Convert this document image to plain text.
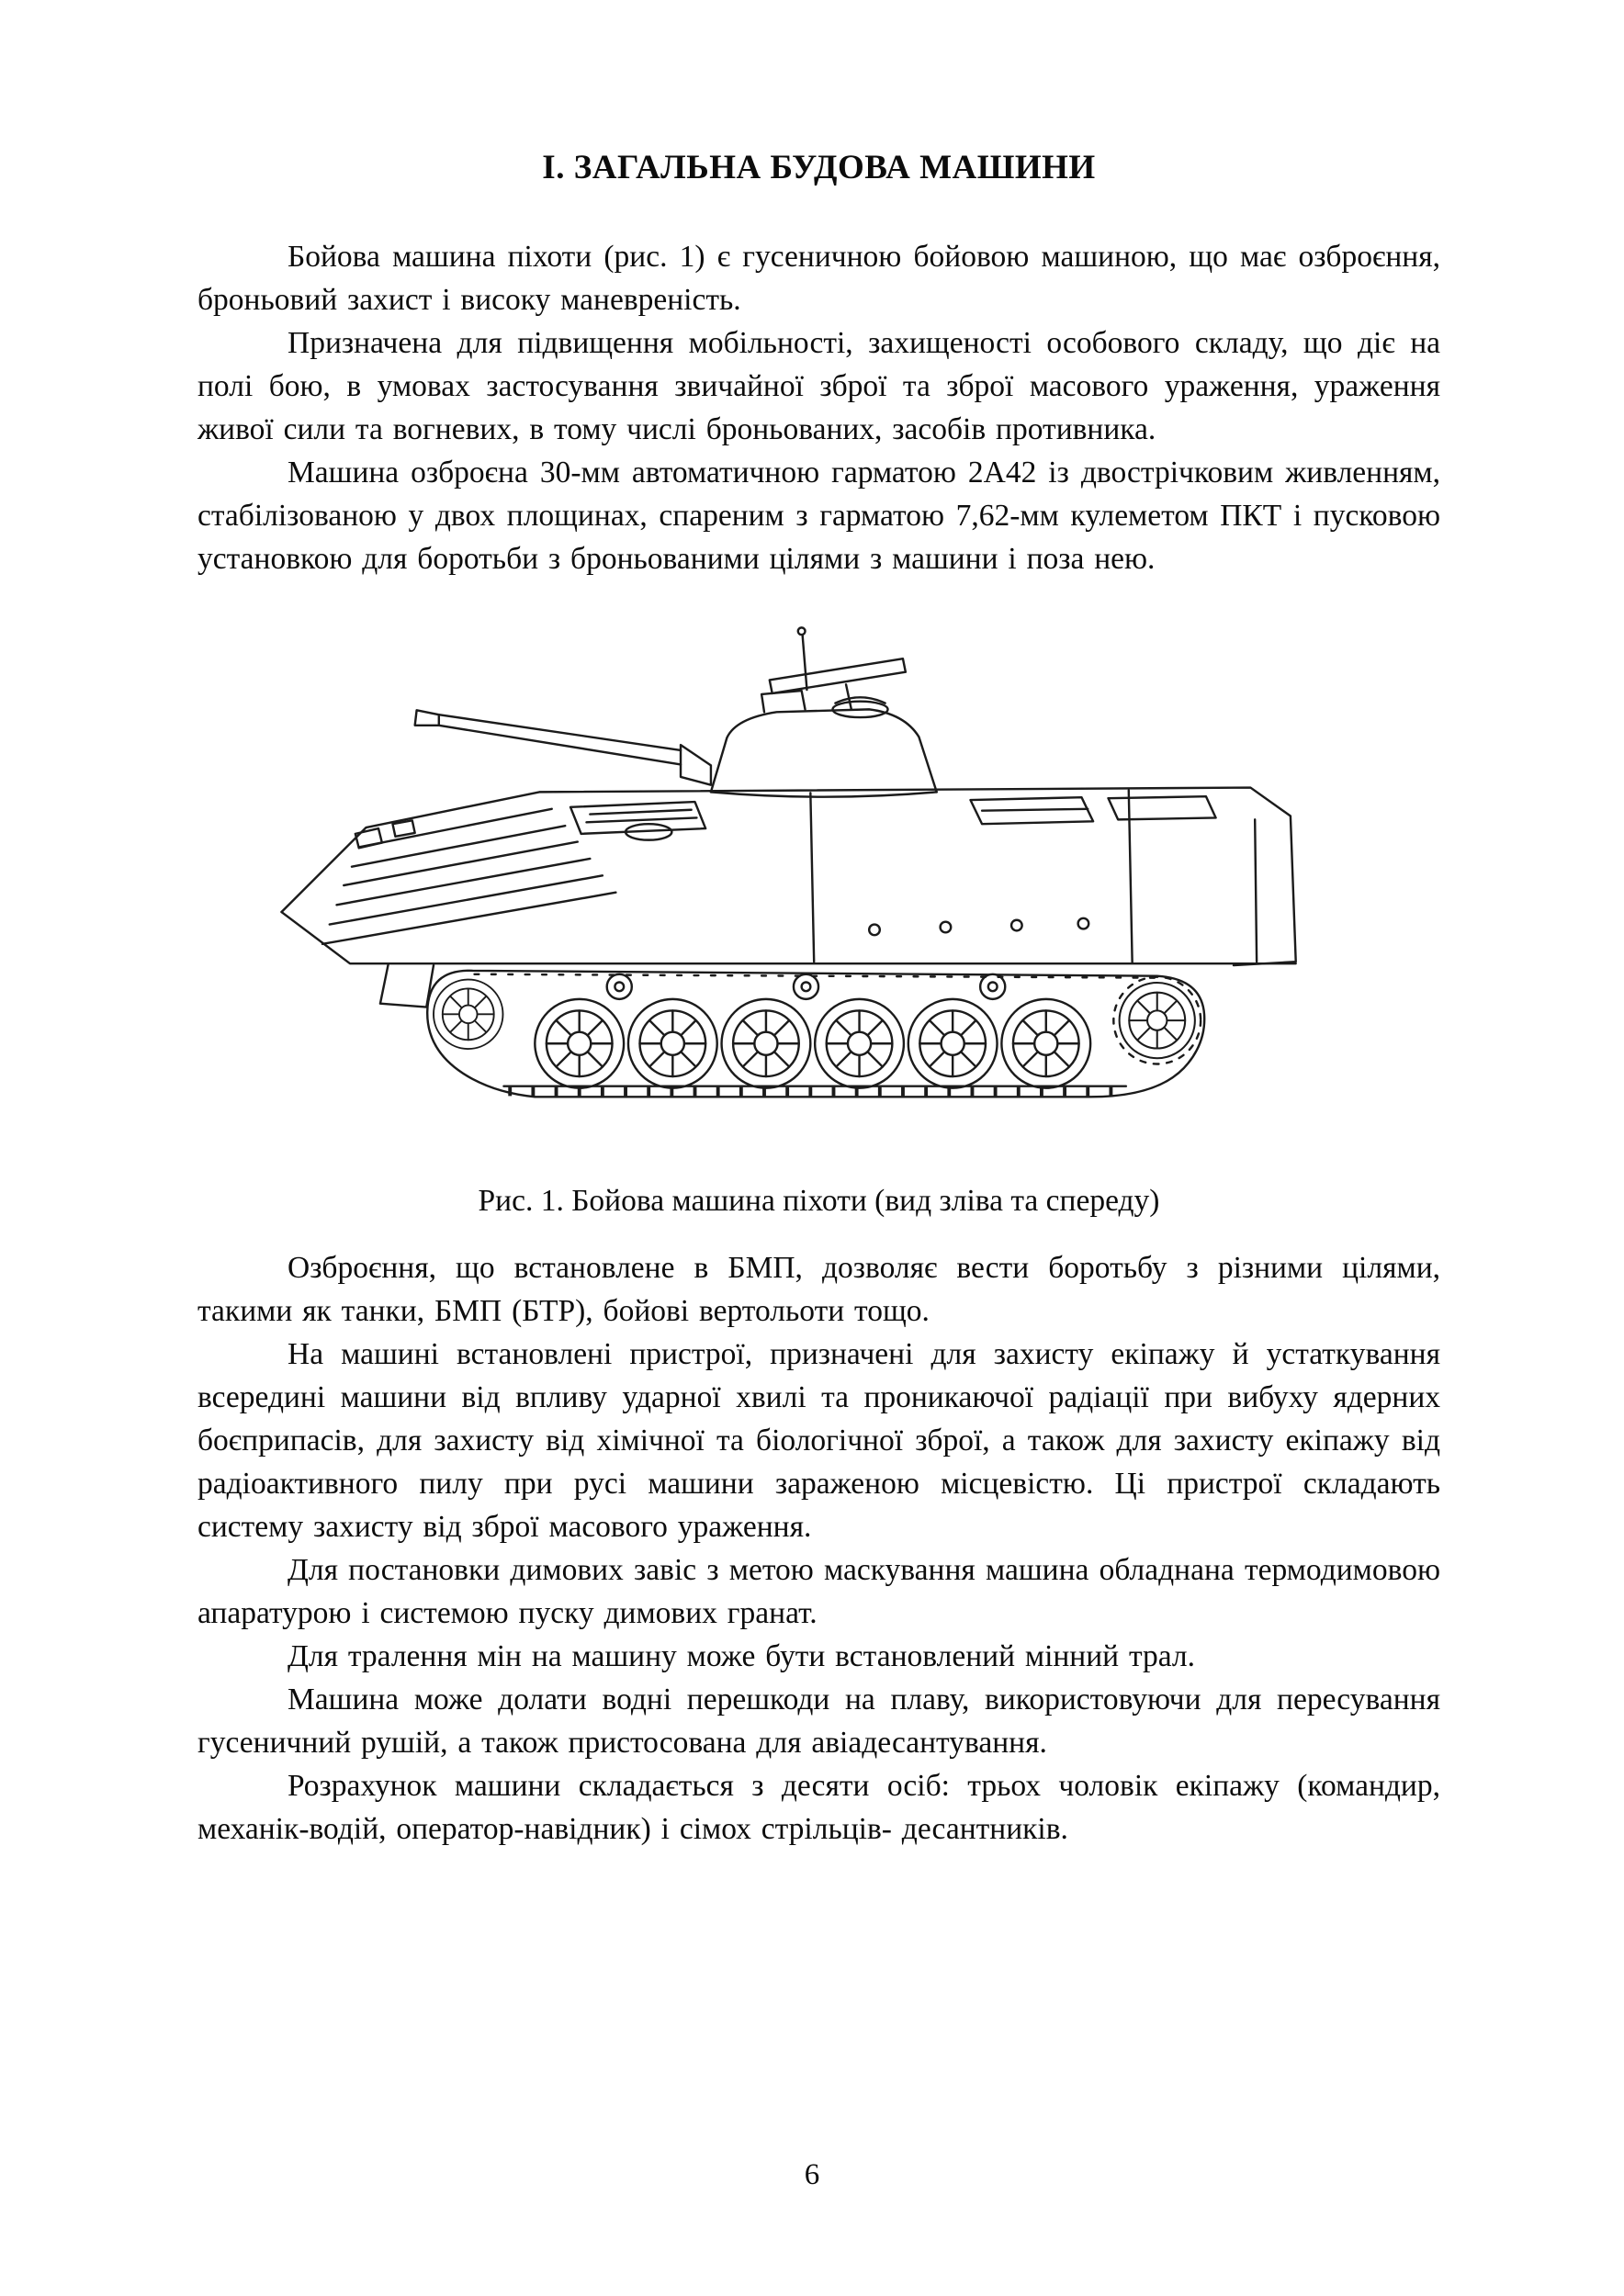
І. ЗАГАЛЬНА БУДОВА МАШИНИ

Бойова машина піхоти (рис. 1) є гусеничною бойовою машиною, що має озброєння, броньовий захист і високу маневреність.

Призначена для підвищення мобільності, захищеності особового складу, що діє на полі бою, в умовах застосування звичайної зброї та зброї масового ураження, ураження живої сили та вогневих, в тому числі броньованих, засобів противника.

Машина озброєна 30-мм автоматичною гарматою 2А42 із двострічковим живленням, стабілізованою у двох площинах, спареним з гарматою 7,62-мм кулеметом ПКТ і пусковою установкою для боротьби з броньованими цілями з машини і поза нею.

Рис. 1. Бойова машина піхоти (вид зліва та спереду)

Озброєння, що встановлене в БМП, дозволяє вести боротьбу з різними цілями, такими як танки, БМП (БТР), бойові вертольоти тощо.

На машині встановлені пристрої, призначені для захисту екіпажу й устаткування всередині машини від впливу ударної хвилі та проникаючої радіації при вибуху ядерних боєприпасів, для захисту від хімічної та біологічної зброї, а також для захисту екіпажу від радіоактивного пилу при русі машини зараженою місцевістю. Ці пристрої складають систему захисту від зброї масового ураження.

Для постановки димових завіс з метою маскування машина обладнана термодимовою апаратурою і системою пуску димових гранат.

Для тралення мін на машину може бути встановлений мінний трал.

Машина може долати водні перешкоди на плаву, використовуючи для пересування гусеничний рушій, а також пристосована для авіадесантування.

Розрахунок машини складається з десяти осіб: трьох чоловік екіпажу (командир, механік-водій, оператор-навідник) і сімох стрільців- десантників.

6
